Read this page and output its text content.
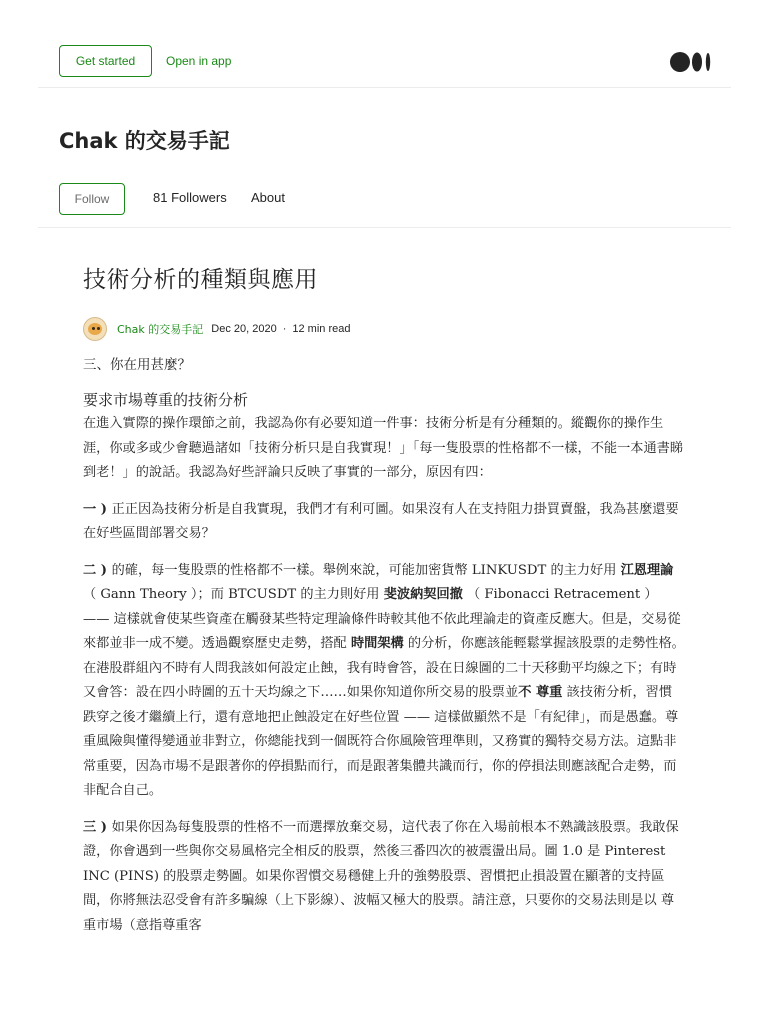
Get started	Open in app
Chak 的交易手記
Follow	81 Followers About
技術分析的種類與應用
Chak 的交易手記 Dec 20, 2020 · 12 min read
三、你在用甚麼？
要求市場尊重的技術分析

在進入實際的操作環節之前，我認為你有必要知道一件事：技術分析是有分種類的。縱觀你的操作生涯，你或多或少會聽過諸如「技術分析只是自我實現！」「每一隻股票的性格都不一樣，不能一本通書睇到老！」的說話。我認為好些評論只反映了事實的一部分，原因有四：

一 ) 正正因為技術分析是自我實現，我們才有利可圖。如果沒有人在支持阻力掛買賣盤，我為甚麼還要在好些區間部署交易？

二 ) 的確，每一隻股票的性格都不一樣。舉例來說，可能加密貨幣 LINKUSDT 的主力好用 江恩理論 （ Gann Theory ）；而 BTCUSDT 的主力則好用 斐波納契回撤 （ Fibonacci Retracement ） —— 這樣就會使某些資產在觸發某些特定理論條件時較其他不依此理論走的資產反應大。但是，交易從來都並非一成不變。透過觀察歷史走勢，搭配 時間架構 的分析，你應該能輕鬆掌握該股票的走勢性格。在港股群組內不時有人問我該如何設定止蝕，我有時會答，設在日線圖的二十天移動平均線之下；有時又會答：設在四小時圖的五十天均線之下……如果你知道你所交易的股票並不 尊重 該技術分析，習慣跌穿之後才繼續上行，還有意地把止蝕設定在好些位置 —— 這樣做顯然不是「有紀律」，而是愚蠢。尊重風險與懂得變通並非對立，你總能找到一個既符合你風險管理準則，又務實的獨特交易方法。這點非常重要，因為市場不是跟著你的停損點而行，而是跟著集體共識而行，你的停損法則應該配合走勢，而非配合自己。

三 ) 如果你因為每隻股票的性格不一而選擇放棄交易，這代表了你在入場前根本不熟識該股票。我敢保證，你會遇到一些與你交易風格完全相反的股票，然後三番四次的被震盪出局。圖 1.0 是 Pinterest INC (PINS) 的股票走勢圖。如果你習慣交易穩健上升的強勢股票、習慣把止損設置在顯著的支持區間，你將無法忍受會有許多騙線（上下影線）、波幅又極大的股票。請注意，只要你的交易法則是以 尊重市場（意指尊重客
